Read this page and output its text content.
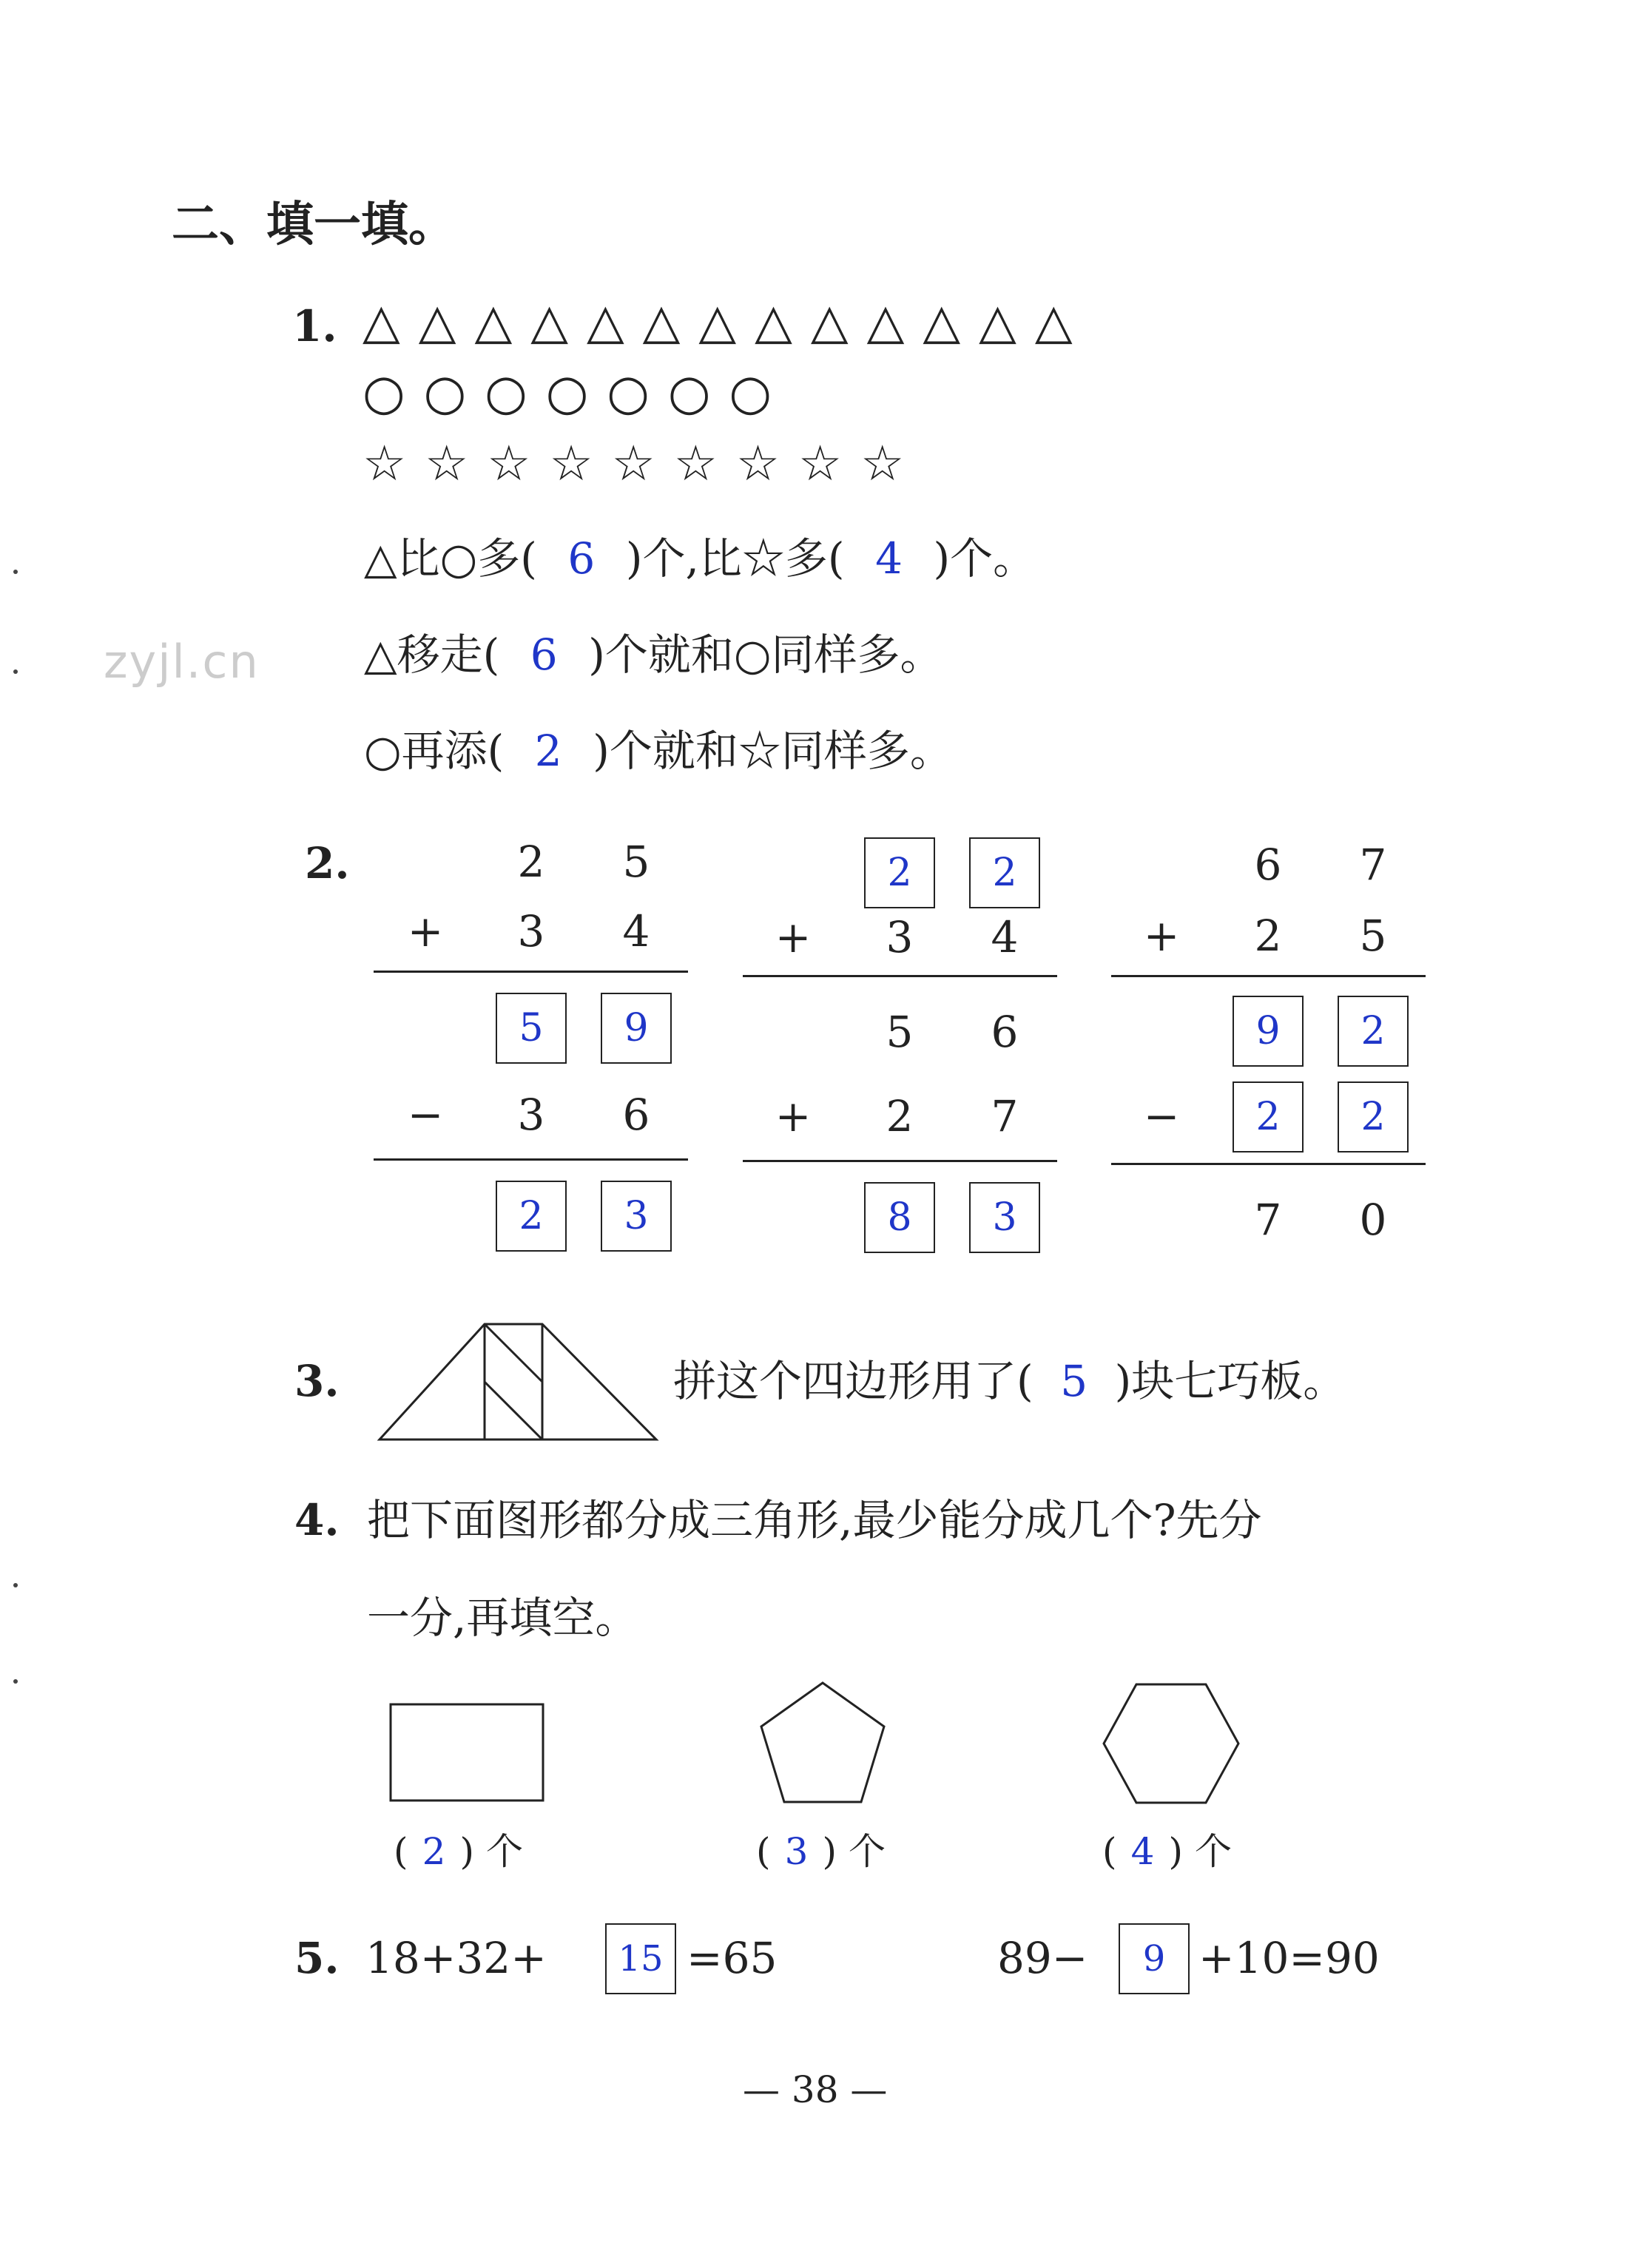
二、填一填。
zyjl.cn
1. △ △ △ △ △ △ △ △ △ △ △ △ △
○ ○ ○ ○ ○ ○ ○
☆ ☆ ☆ ☆ ☆ ☆ ☆ ☆ ☆
△比○多( 6 )个,比☆多( 4 )个。
△移走( 6 )个就和○同样多。
○再添( 2 )个就和☆同样多。
2.	2 5
+ 3 4
5	9
− 3 6
2	3
2	2
+ 3 4
5 6
+ 2 7
8	3
6 7
+ 2 5
9	2
−	2	2
7 0
3.	拼这个四边形用了( 5 )块七巧板。
4. 把下面图形都分成三角形,最少能分成几个?先分
一分,再填空。
( 2 ) 个	( 3 ) 个	( 4 ) 个
5. 18+32+	15 =65	89−	9 +10=90
— 38 —
